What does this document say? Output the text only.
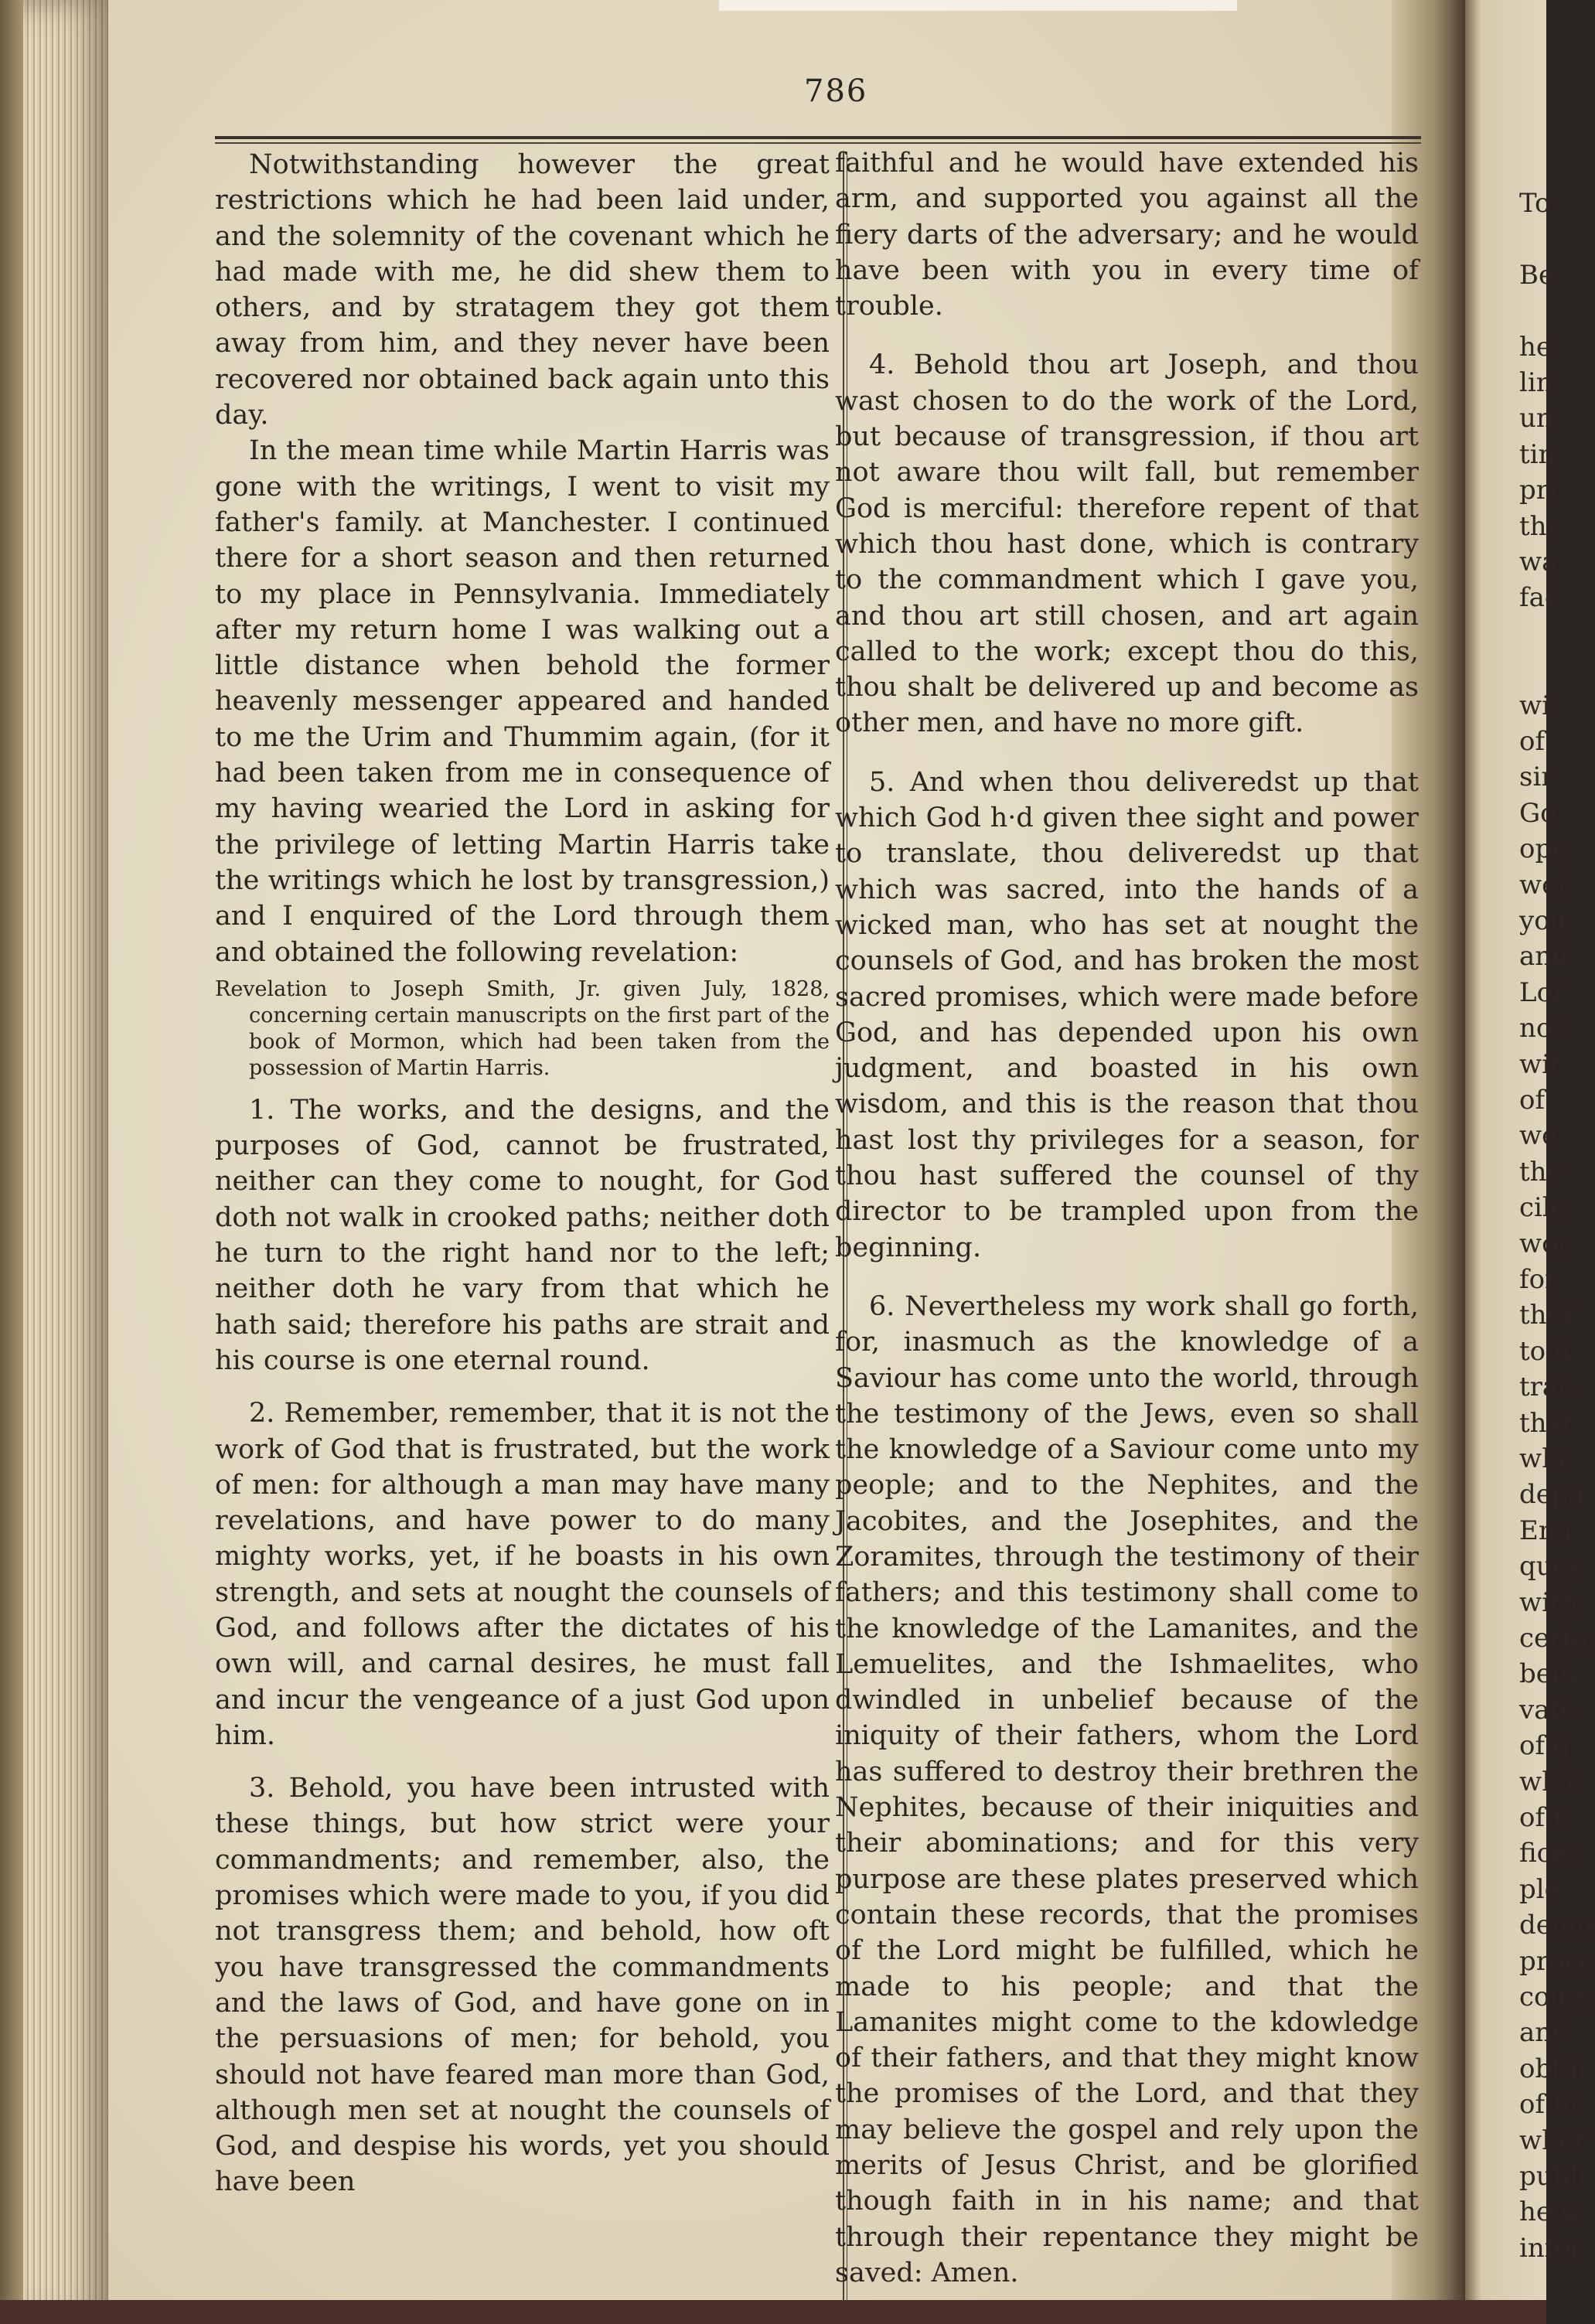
786

Notwithstanding however the great restrictions which he had been laid under, and the solemnity of the covenant which he had made with me, he did shew them to others, and by stratagem they got them away from him, and they never have been recovered nor obtained back again unto this day.

In the mean time while Martin Harris was gone with the writings, I went to visit my father's family. at Manchester. I continued there for a short season and then returned to my place in Pennsylvania. Immediately after my return home I was walking out a little distance when behold the former heavenly messenger appeared and handed to me the Urim and Thummim again, (for it had been taken from me in consequence of my having wearied the Lord in asking for the privilege of letting Martin Harris take the writings which he lost by transgression,) and I enquired of the Lord through them and obtained the following revelation:

Revelation to Joseph Smith, Jr. given July, 1828, concerning certain manuscripts on the first part of the book of Mormon, which had been taken from the possession of Martin Harris.

1. The works, and the designs, and the purposes of God, cannot be frustrated, neither can they come to nought, for God doth not walk in crooked paths; neither doth he turn to the right hand nor to the left; neither doth he vary from that which he hath said; therefore his paths are strait and his course is one eternal round.

2. Remember, remember, that it is not the work of God that is frustrated, but the work of men: for although a man may have many revelations, and have power to do many mighty works, yet, if he boasts in his own strength, and sets at nought the counsels of God, and follows after the dictates of his own will, and carnal desires, he must fall and incur the vengeance of a just God upon him.

3. Behold, you have been intrusted with these things, but how strict were your commandments; and remember, also, the promises which were made to you, if you did not transgress them; and behold, how oft you have transgressed the commandments and the laws of God, and have gone on in the persuasions of men; for behold, you should not have feared man more than God, although men set at nought the counsels of God, and despise his words, yet you should have been

faithful and he would have extended his arm, and supported you against all the fiery darts of the adversary; and he would have been with you in every time of trouble.

4. Behold thou art Joseph, and thou wast chosen to do the work of the Lord, but because of transgression, if thou art not aware thou wilt fall, but remember God is merciful: therefore repent of that which thou hast done, which is contrary to the commandment which I gave you, and thou art still chosen, and art again called to the work; except thou do this, thou shalt be delivered up and become as other men, and have no more gift.

5. And when thou deliveredst up that which God h·d given thee sight and power to translate, thou deliveredst up that which was sacred, into the hands of a wicked man, who has set at nought the counsels of God, and has broken the most sacred promises, which were made before God, and has depended upon his own judgment, and boasted in his own wisdom, and this is the reason that thou hast lost thy privileges for a season, for thou hast suffered the counsel of thy director to be trampled upon from the beginning.

6. Nevertheless my work shall go forth, for, inasmuch as the knowledge of a Saviour has come unto the world, through the testimony of the Jews, even so shall the knowledge of a Saviour come unto my people; and to the Nephites, and the Jacobites, and the Josephites, and the Zoramites, through the testimony of their fathers; and this testimony shall come to the knowledge of the Lamanites, and the Lemuelites, and the Ishmaelites, who dwindled in unbelief because of the iniquity of their fathers, whom the Lord has suffered to destroy their brethren the Nephites, because of their iniquities and their abominations; and for this very purpose are these plates preserved which contain these records, that the promises of the Lord might be fulfilled, which he made to his people; and that the Lamanites might come to the kdowledge of their fathers, and that they might know the promises of the Lord, and that they may believe the gospel and rely upon the merits of Jesus Christ, and be glorified though faith in in his name; and that through their repentance they might be saved: Amen.

To
Be
he
lin
un
tin
pri
thi
wa
fac
wi
of
sir
Go
ope
wei
you
and
Lor
nov
wit
of
we
the
cile
wor
for
ther
to u
tran
that
whe
depa
Eng
ques
with
certa
bein
vate
of q
whic
of t
fices
ple
demu
proce
cours
any
obtai
of hi
wher
publi
he w
infor
